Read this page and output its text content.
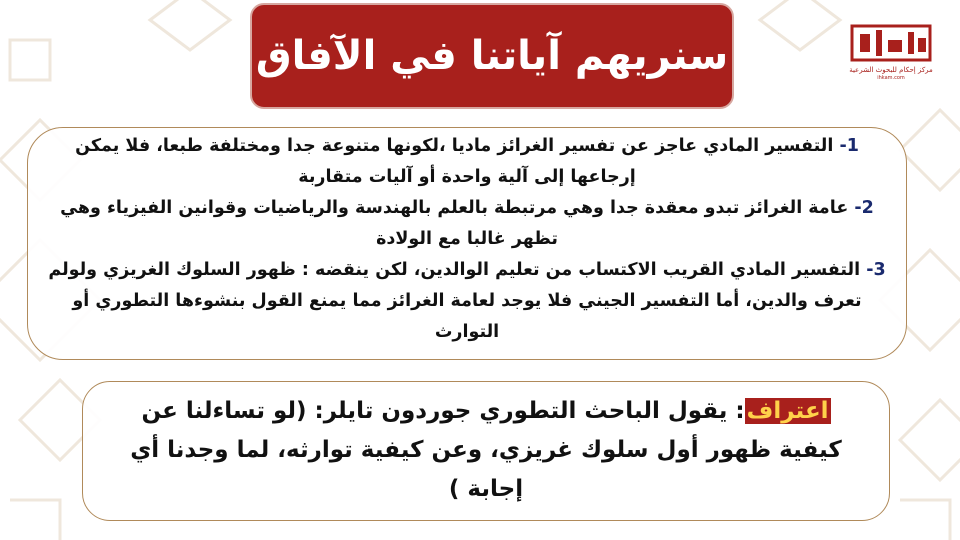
سنريهم آياتنا في الآفاق	مركز إحكام للبحوث الشرعية
ihkam.com

1- التفسير المادي عاجز عن تفسير الغرائز ماديا ،لكونها متنوعة جدا ومختلفة طبعا، فلا يمكن إرجاعها إلى آلية واحدة أو آليات متقاربة

2- عامة الغرائز تبدو معقدة جدا وهي مرتبطة بالعلم بالهندسة والرياضيات وقوانين الفيزياء وهي تظهر غالبا مع الولادة

3- التفسير المادي القريب الاكتساب من تعليم الوالدين، لكن ينقضه : ظهور السلوك الغريزي ولولم تعرف والدين، أما التفسير الجيني فلا يوجد لعامة الغرائز مما يمنع القول بنشوءها التطوري أو التوارث

اعتراف: يقول الباحث التطوري جوردون تايلر: (لو تساءلنا عن كيفية ظهور أول سلوك غريزي، وعن كيفية توارثه، لما وجدنا أي إجابة )
